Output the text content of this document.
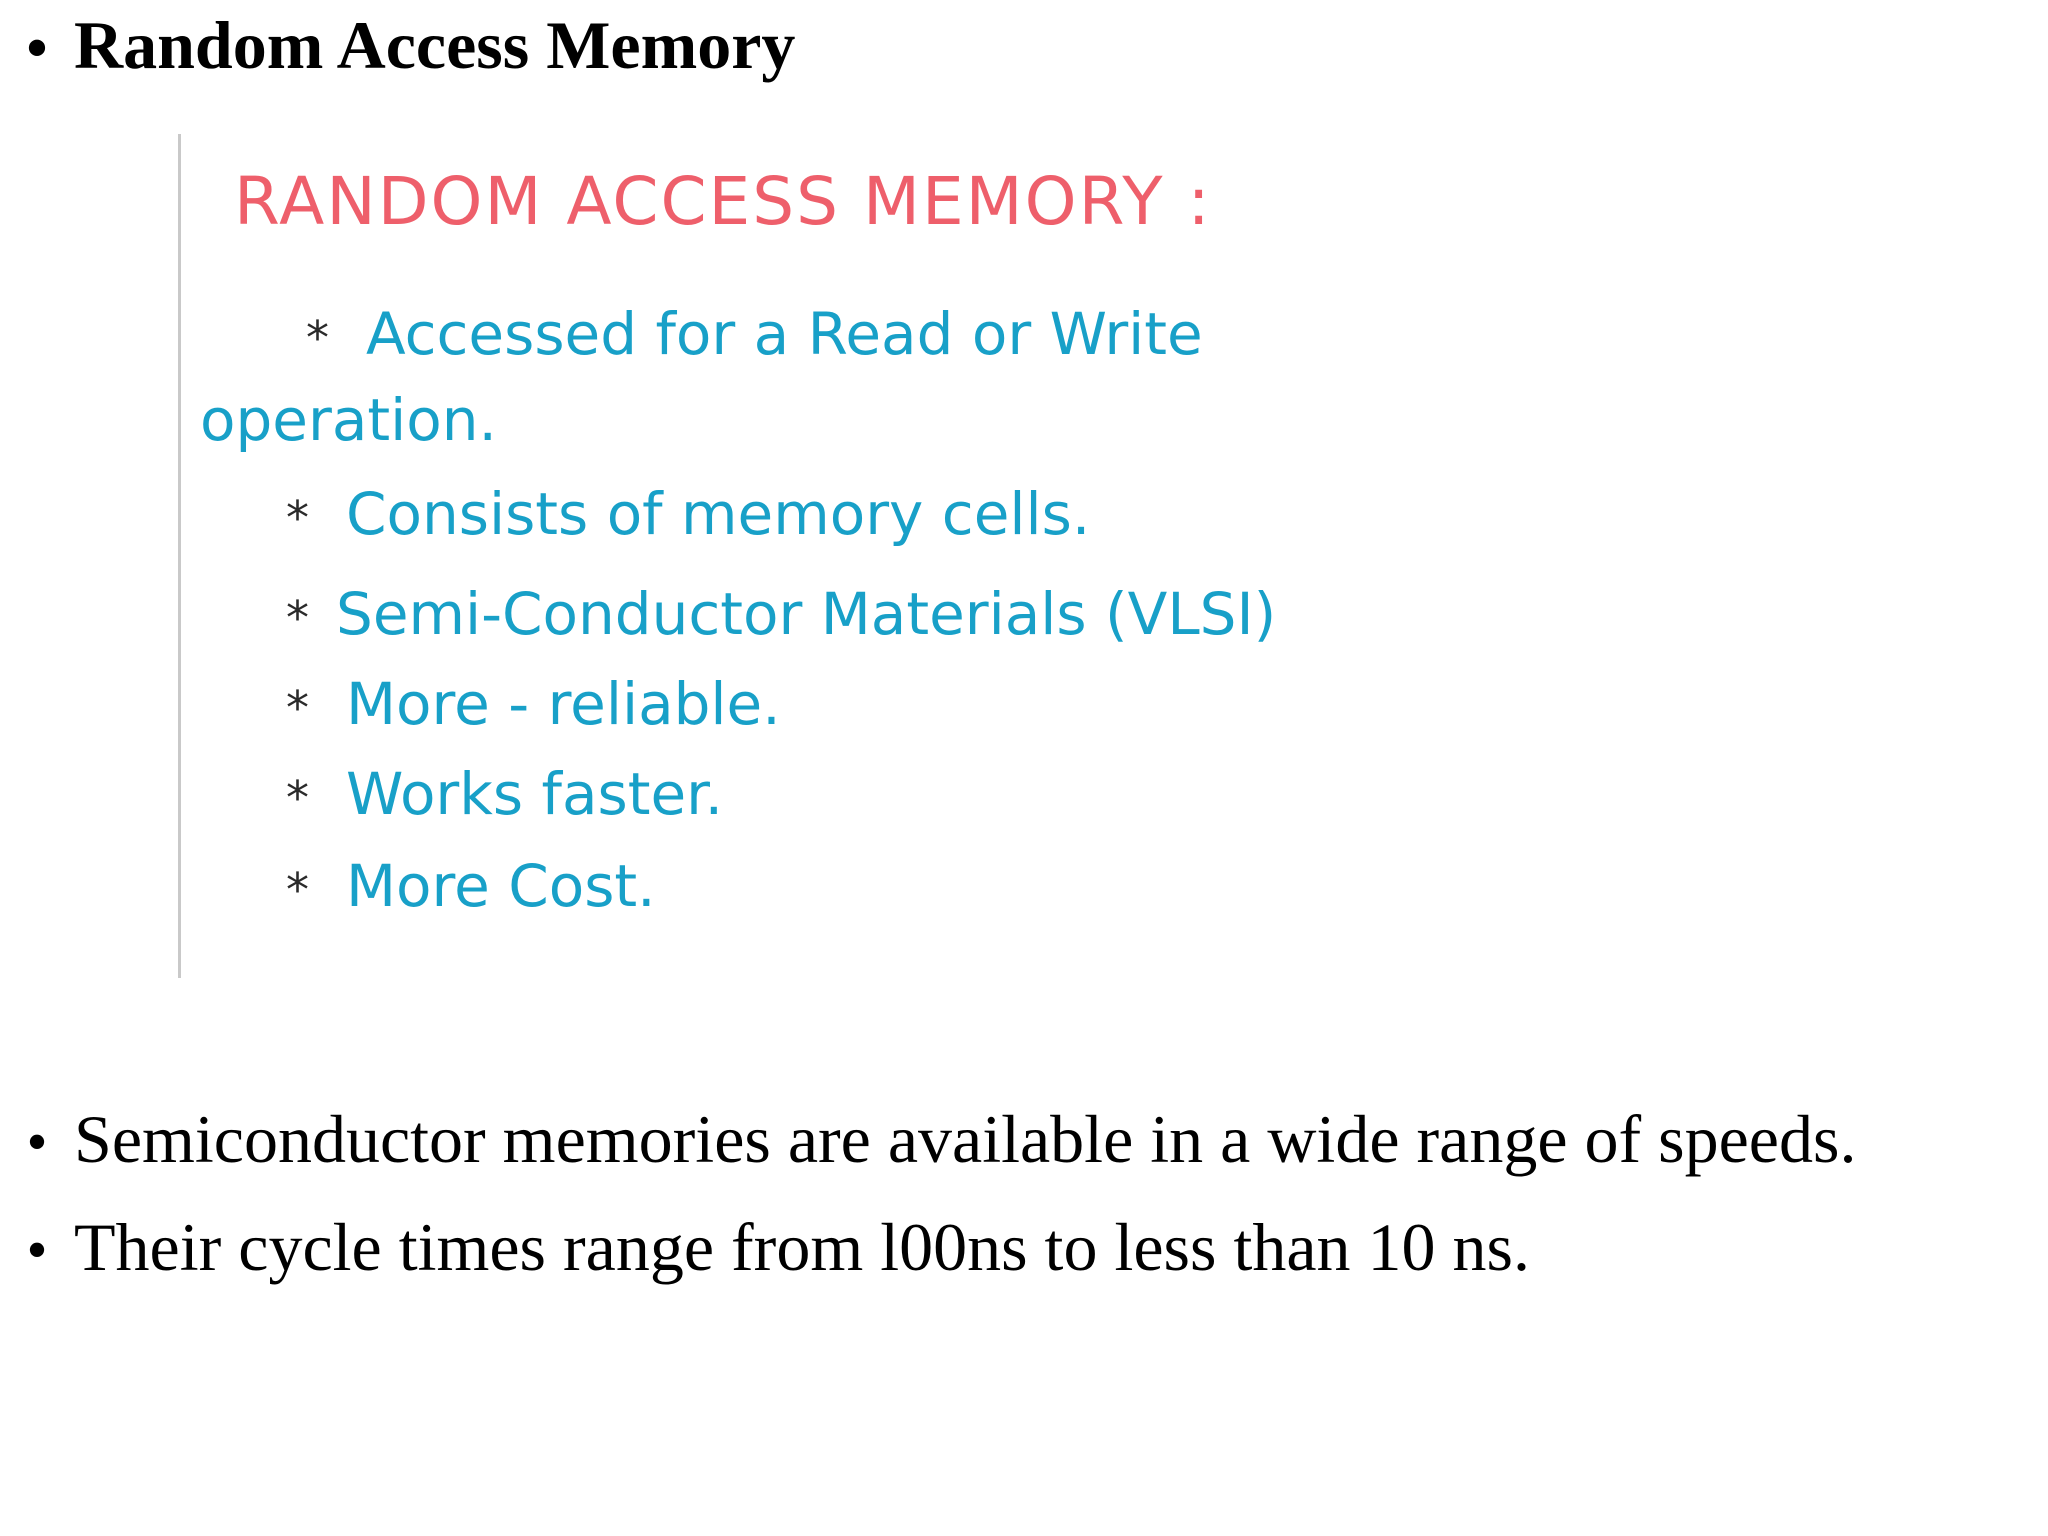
• Random Access Memory
RANDOM ACCESS MEMORY :
* Accessed for a Read or Write
operation.
* Consists of memory cells.
* Semi-Conductor Materials (VLSI)
* More - reliable.
* Works faster.
* More Cost.
• Semiconductor memories are available in a wide range of speeds.
• Their cycle times range from l00ns to less than 10 ns.
